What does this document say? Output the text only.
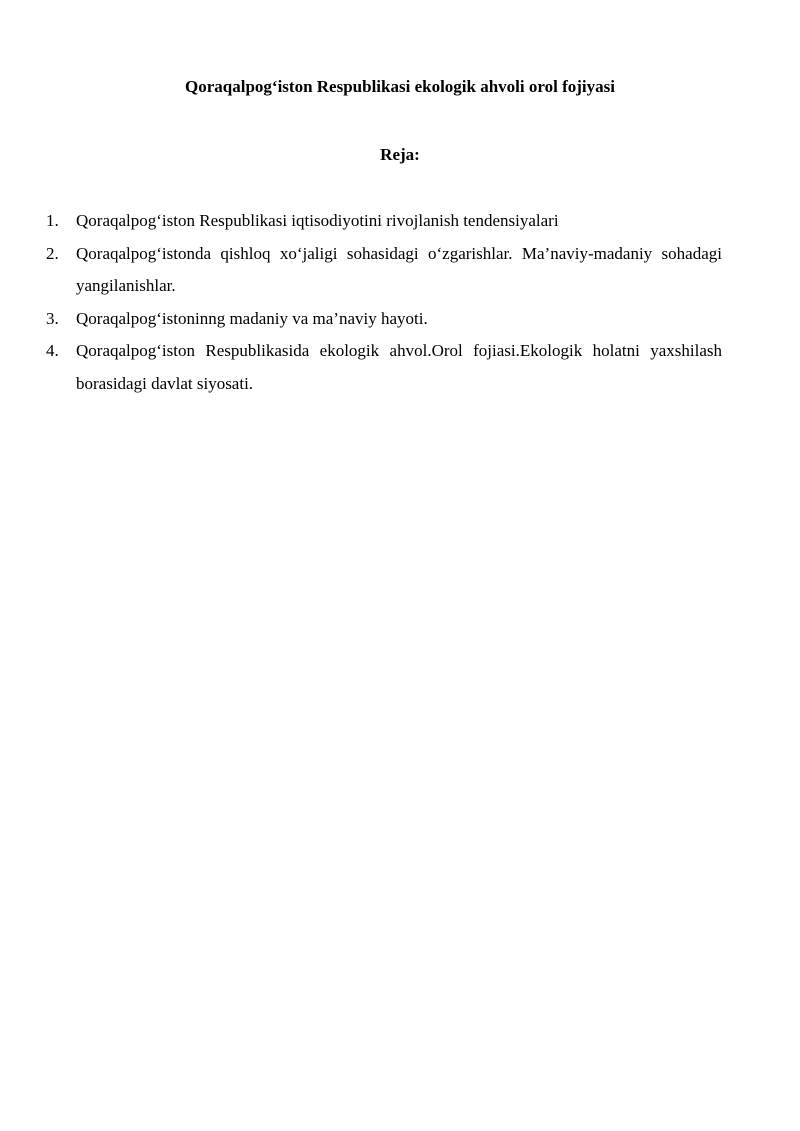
Qoraqalpog‘iston Respublikasi ekologik ahvoli orol fojiyasi
Reja:
1.	Qoraqalpog‘iston Respublikasi iqtisodiyotini rivojlanish tendensiyalari
2.	Qoraqalpog‘istonda qishloq xo‘jaligi sohasidagi o‘zgarishlar. Ma’naviy-madaniy sohadagi yangilanishlar.
3.	Qoraqalpog‘istoninng madaniy va ma’naviy hayoti.
4.	Qoraqalpog‘iston Respublikasida ekologik ahvol.Orol fojiasi.Ekologik holatni yaxshilash borasidagi davlat siyosati.
